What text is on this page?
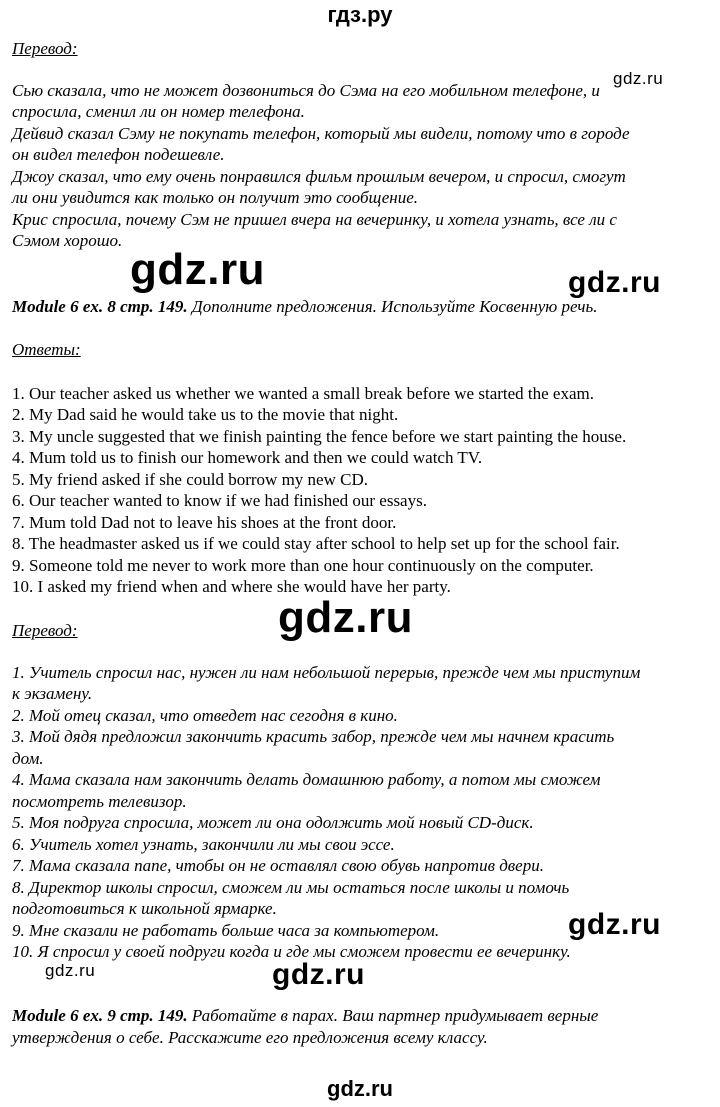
гдз.ру
Перевод:
Сью сказала, что не может дозвониться до Сэма на его мобильном телефоне, и
спросила, сменил ли он номер телефона.
Дейвид сказал Сэму не покупать телефон, который мы видели, потому что в городе
он видел телефон подешевле.
Джоу сказал, что ему очень понравился фильм прошлым вечером, и спросил, смогут
ли они увидится как только он получит это сообщение.
Крис спросила, почему Сэм не пришел вчера на вечеринку, и хотела узнать, все ли с
Сэмом хорошо.
Module 6 ex. 8 стр. 149. Дополните предложения. Используйте Косвенную речь.
Ответы:
1. Our teacher asked us whether we wanted a small break before we started the exam.
2. My Dad said he would take us to the movie that night.
3. My uncle suggested that we finish painting the fence before we start painting the house.
4. Mum told us to finish our homework and then we could watch TV.
5. My friend asked if she could borrow my new CD.
6. Our teacher wanted to know if we had finished our essays.
7. Mum told Dad not to leave his shoes at the front door.
8. The headmaster asked us if we could stay after school to help set up for the school fair.
9. Someone told me never to work more than one hour continuously on the computer.
10. I asked my friend when and where she would have her party.
Перевод:
1. Учитель спросил нас, нужен ли нам небольшой перерыв, прежде чем мы приступим
к экзамену.
2. Мой отец сказал, что отведет нас сегодня в кино.
3. Мой дядя предложил закончить красить забор, прежде чем мы начнем красить
дом.
4. Мама сказала нам закончить делать домашнюю работу, а потом мы сможем
посмотреть телевизор.
5. Моя подруга спросила, может ли она одолжить мой новый CD-диск.
6. Учитель хотел узнать, закончили ли мы свои эссе.
7. Мама сказала папе, чтобы он не оставлял свою обувь напротив двери.
8. Директор школы спросил, сможем ли мы остаться после школы и помочь
подготовиться к школьной ярмарке.
9. Мне сказали не работать больше часа за компьютером.
10. Я спросил у своей подруги когда и где мы сможем провести ее вечеринку.
Module 6 ex. 9 стр. 149. Работайте в парах. Ваш партнер придумывает верные
утверждения о себе. Расскажите его предложения всему классу.
gdz.ru
gdz.ru	gdz.ru
gdz.ru
gdz.ru
gdz.ru	gdz.ru
gdz.ru
